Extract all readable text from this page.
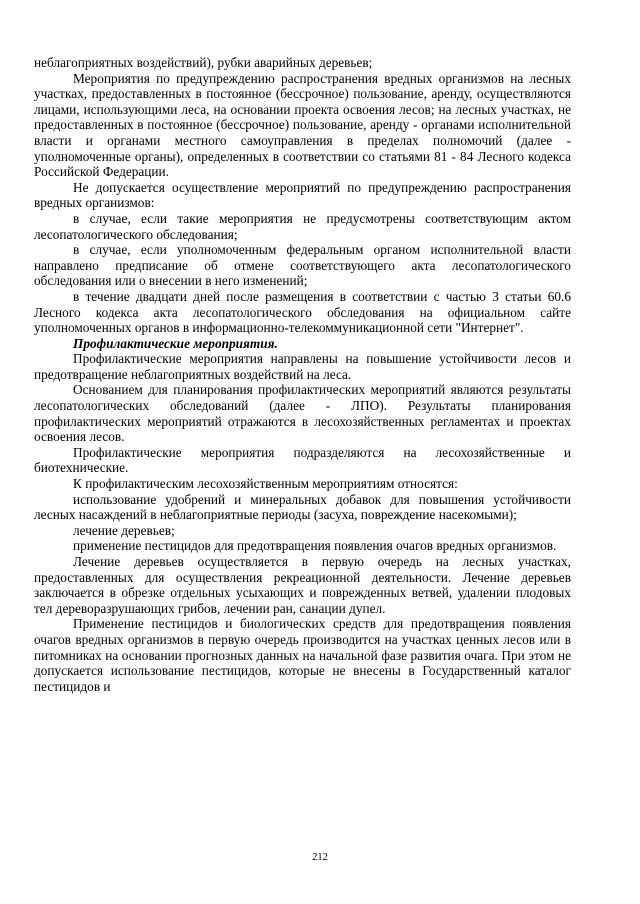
неблагоприятных воздействий), рубки аварийных деревьев;

Мероприятия по предупреждению распространения вредных организмов на лесных участках, предоставленных в постоянное (бессрочное) пользование, аренду, осуществляются лицами, использующими леса, на основании проекта освоения лесов; на лесных участках, не предоставленных в постоянное (бессрочное) пользование, аренду - органами исполнительной власти и органами местного самоуправления в пределах полномочий (далее - уполномоченные органы), определенных в соответствии со статьями 81 - 84 Лесного кодекса Российской Федерации.

Не допускается осуществление мероприятий по предупреждению распространения вредных организмов:

в случае, если такие мероприятия не предусмотрены соответствующим актом лесопатологического обследования;

в случае, если уполномоченным федеральным органом исполнительной власти направлено предписание об отмене соответствующего акта лесопатологического обследования или о внесении в него изменений;

в течение двадцати дней после размещения в соответствии с частью 3 статьи 60.6 Лесного кодекса акта лесопатологического обследования на официальном сайте уполномоченных органов в информационно-телекоммуникационной сети "Интернет".

Профилактические мероприятия.

Профилактические мероприятия направлены на повышение устойчивости лесов и предотвращение неблагоприятных воздействий на леса.

Основанием для планирования профилактических мероприятий являются результаты лесопатологических обследований (далее - ЛПО). Результаты планирования профилактических мероприятий отражаются в лесохозяйственных регламентах и проектах освоения лесов.

Профилактические мероприятия подразделяются на лесохозяйственные и биотехнические.

К профилактическим лесохозяйственным мероприятиям относятся:

использование удобрений и минеральных добавок для повышения устойчивости лесных насаждений в неблагоприятные периоды (засуха, повреждение насекомыми);

лечение деревьев;

применение пестицидов для предотвращения появления очагов вредных организмов.

Лечение деревьев осуществляется в первую очередь на лесных участках, предоставленных для осуществления рекреационной деятельности. Лечение деревьев заключается в обрезке отдельных усыхающих и поврежденных ветвей, удалении плодовых тел дереворазрушающих грибов, лечении ран, санации дупел.

Применение пестицидов и биологических средств для предотвращения появления очагов вредных организмов в первую очередь производится на участках ценных лесов или в питомниках на основании прогнозных данных на начальной фазе развития очага. При этом не допускается использование пестицидов, которые не внесены в Государственный каталог пестицидов и

212
